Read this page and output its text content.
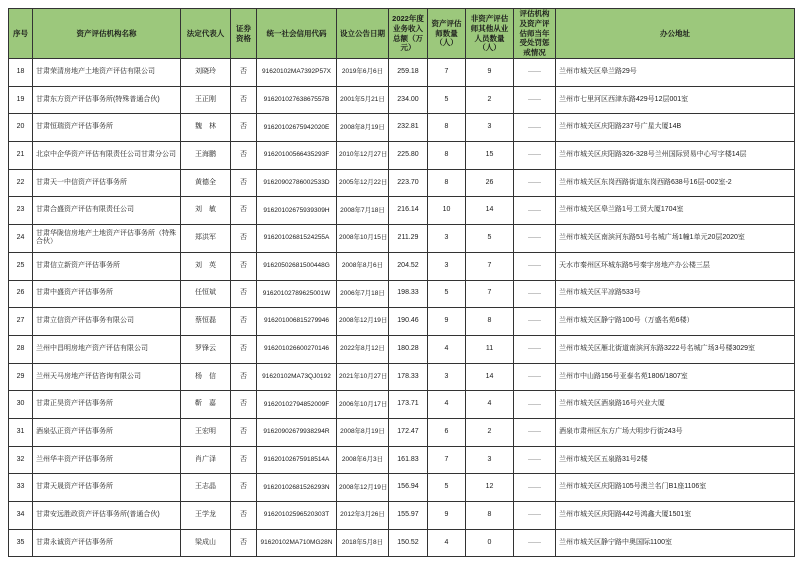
序号	资产评估机构名称	法定代表人	证券资格	统一社会信用代码	设立公告日期	2022年度业务收入总额（万元）	资产评估师数量（人）	非资产评估师其他从业人员数量（人）	评估机构及资产评估师当年受处罚惩戒情况	办公地址
18	甘肃荣清房地产土地资产评估有限公司	刘晓玲	否	91620102MA7392P57X	2019年6月6日	259.18	7	9	——	兰州市城关区皋兰路29号
19	甘肃东方资产评估事务所(特殊普通合伙)	王正刚	否	91620102763867557B	2001年5月21日	234.00	5	2	——	兰州市七里河区西津东路429号12层001室
20	甘肃恒瑞资产评估事务所	魏　林	否	91620102675942020E	2008年8月19日	232.81	8	3	——	兰州市城关区庆阳路237号广星大厦14B
21	北京中企华资产评估有限责任公司甘肃分公司	王海鹏	否	91620100566435293F	2010年12月27日	225.80	8	15	——	兰州市城关区庆阳路326-328号兰州国际贸易中心写字楼14层
22	甘肃天一中信资产评估事务所	黄德全	否	91620902786002533D	2005年12月22日	223.70	8	26	——	兰州市城关区东岗西路街道东岗西路638号16层-002室-2
23	甘肃合盛资产评估有限责任公司	刘　敏	否	91620102675939309H	2008年7月18日	216.14	10	14	——	兰州市城关区皋兰路1号工贸大厦1704室
24	甘肃华陇信房地产土地资产评估事务所（特殊合伙）	郑洪军	否	91620102681524255A	2008年10月15日	211.29	3	5	——	兰州市城关区南滨河东路51号名城广场1幢1单元20层2020室
25	甘肃信立新资产评估事务所	刘　英	否	91620502681500448G	2008年8月6日	204.52	3	7	——	天水市秦州区环城东路5号秦宇房地产办公楼三层
26	甘肃中盛资产评估事务所	任恒斌	否	91620102789625001W	2006年7月18日	198.33	5	7	——	兰州市城关区平凉路533号
27	甘肃立信资产评估事务有限公司	蔡恒磊	否	916201006815279946	2008年12月19日	190.46	9	8	——	兰州市城关区静宁路100号（万盛名苑6楼）
28	兰州中昌明房地产资产评估有限公司	罗锋云	否	916201026600270146	2022年8月12日	180.28	4	11	——	兰州市城关区雁北街道南滨河东路3222号名城广场3号楼3029室
29	兰州天马房地产评估咨询有限公司	杨　信	否	91620102MA73QJ0192	2021年10月27日	178.33	3	14	——	兰州市中山路156号亚泰名苑1806/1807室
30	甘肃正昊资产评估事务所	靳　嘉	否	91620102794852009F	2006年10月17日	173.71	4	4	——	兰州市城关区酒泉路16号兴业大厦
31	酒泉弘正资产评估事务所	王宏明	否	91620902679938294R	2008年8月19日	172.47	6	2	——	酒泉市肃州区东方广场大明步行街243号
32	兰州华丰资产评估事务所	肖广泽	否	91620102675918514A	2008年6月3日	161.83	7	3	——	兰州市城关区五泉路31号2楼
33	甘肃天晟资产评估事务所	王志晶	否	91620102681526293N	2008年12月19日	156.94	5	12	——	兰州市城关区庆阳路105号澳兰名门B1座1106室
34	甘肃安远胜政资产评估事务所(普通合伙)	王学龙	否	91620102596520303T	2012年3月26日	155.97	9	8	——	兰州市城关区庆阳路442号鸿鑫大厦1501室
35	甘肃永诚资产评估事务所	梁成山	否	91620102MA710MG28N	2018年5月8日	150.52	4	0	——	兰州市城关区静宁路中奥国际1100室
